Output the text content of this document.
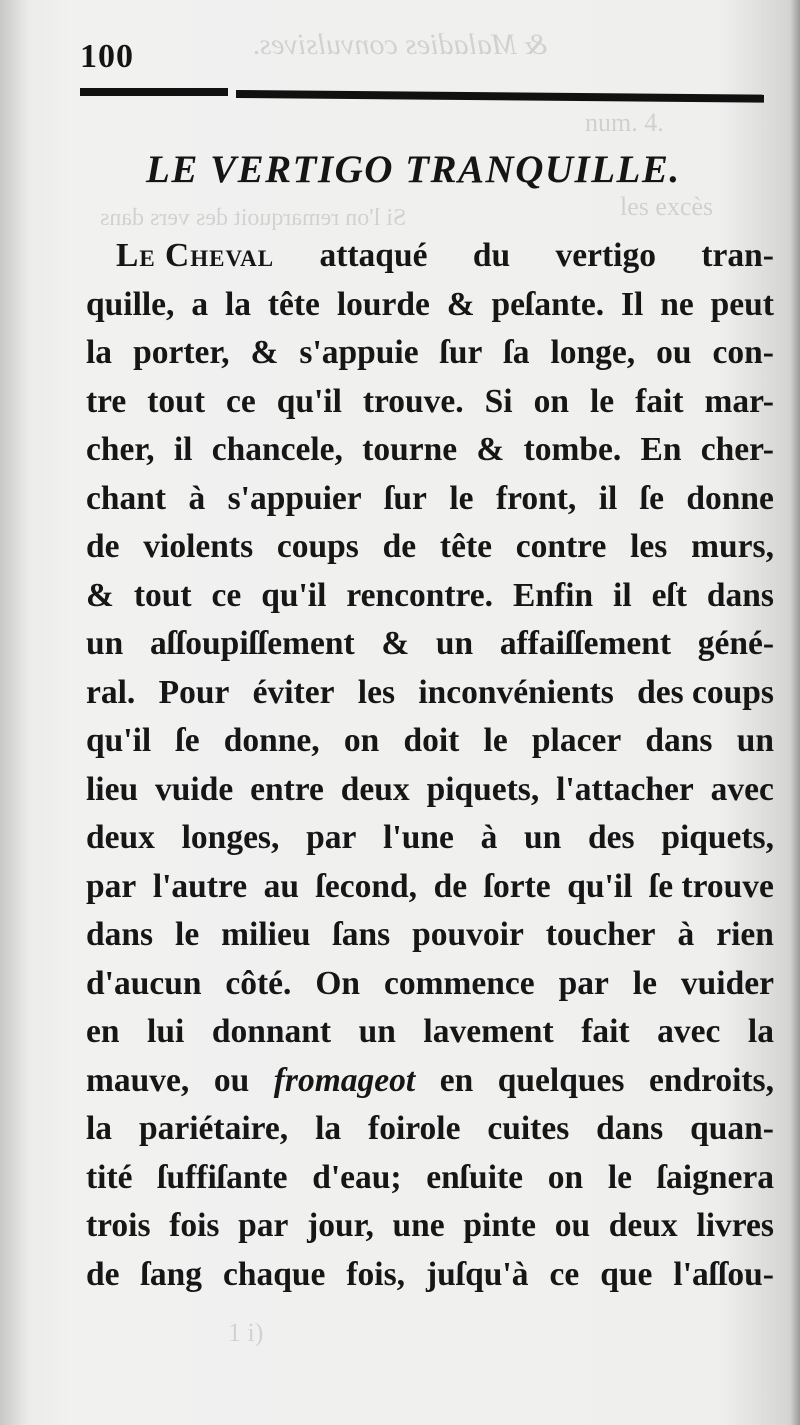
& Maladies convulsives.
num. 4.
les excès
Si l'on remarquoit des vers dans
1 i)
100
LE VERTIGO TRANQUILLE.
Le Cheval attaqué du vertigo tran-
quille, a la tête lourde & peſante. Il ne peut
la porter, & s'appuie ſur ſa longe, ou con-
tre tout ce qu'il trouve. Si on le fait mar-
cher, il chancele, tourne & tombe. En cher-
chant à s'appuier ſur le front, il ſe donne
de violents coups de tête contre les murs,
& tout ce qu'il rencontre. Enfin il eſt dans
un aſſoupiſſement & un affaiſſement géné-
ral. Pour éviter les inconvénients des coups
qu'il ſe donne, on doit le placer dans un
lieu vuide entre deux piquets, l'attacher avec
deux longes, par l'une à un des piquets,
par l'autre au ſecond, de ſorte qu'il ſe trouve
dans le milieu ſans pouvoir toucher à rien
d'aucun côté. On commence par le vuider
en lui donnant un lavement fait avec la
mauve, ou fromageot en quelques endroits,
la pariétaire, la foirole cuites dans quan-
tité ſuffiſante d'eau; enſuite on le ſaignera
trois fois par jour, une pinte ou deux livres
de ſang chaque fois, juſqu'à ce que l'aſſou-
